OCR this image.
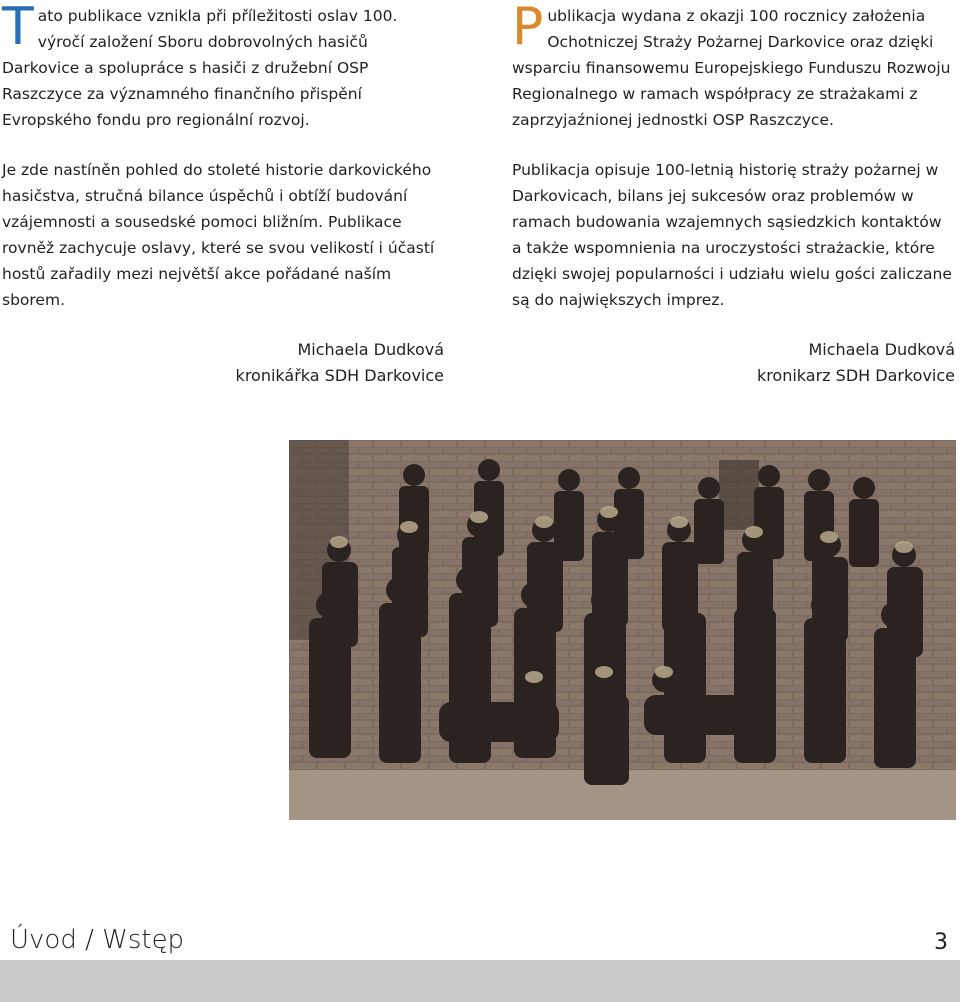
Tato publikace vznikla při příležitosti oslav 100. výročí založení Sboru dobrovolných hasičů Darkovice a spolupráce s hasiči z družební OSP Raszczyce za významného finančního přispění Evropského fondu pro regionální rozvoj.
Je zde nastíněn pohled do stoleté historie darkovického hasičstva, stručná bilance úspěchů i obtíží budování vzájemnosti a sousedské pomoci bližním. Publikace rovněž zachycuje oslavy, které se svou velikostí i účastí hostů zařadily mezi největší akce pořádané naším sborem.
Michaela Dudková
kronikářka SDH Darkovice
Publikacja wydana z okazji 100 rocznicy założenia Ochotniczej Straży Pożarnej Darkovice oraz dzięki wsparciu finansowemu Europejskiego Funduszu Rozwoju Regionalnego w ramach współpracy ze strażakami z zaprzyjaźnionej jednostki OSP Raszczyce.
Publikacja opisuje 100-letnią historię straży pożarnej w Darkovicach, bilans jej sukcesów oraz problemów w ramach budowania wzajemnych sąsiedzkich kontaktów a także wspomnienia na uroczystości strażackie, które dzięki swojej popularności i udziału wielu gości zaliczane są do największych imprez.
Michaela Dudková
kronikarz SDH Darkovice
Úvod / Wstęp	3
